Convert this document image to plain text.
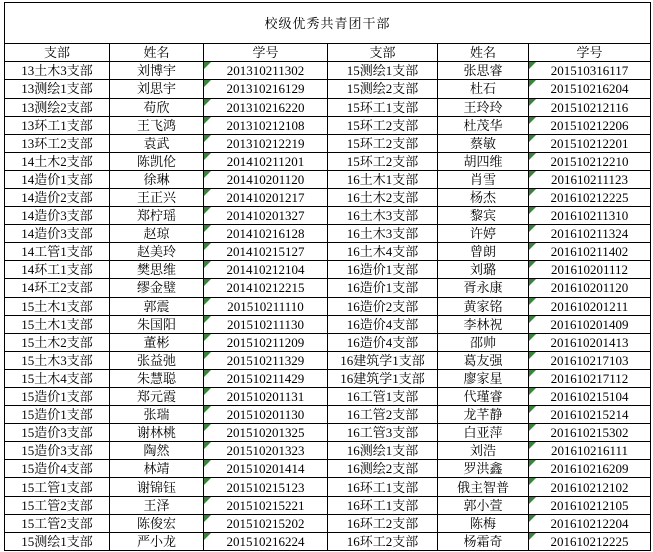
校级优秀共青团干部					
支部	姓名	学号	支部	姓名	学号
13土木3支部	刘博宇	201310211302	15测绘1支部	张思睿	201510316117
13测绘1支部	刘思宇	201310216129	15测绘2支部	杜石	201510216204
13测绘2支部	苟欣	201310216220	15环工1支部	王玲玲	201510212116
13环工1支部	王飞鸿	201310212108	15环工2支部	杜茂华	201510212206
13环工2支部	袁武	201310212219	15环工2支部	蔡敏	201510212201
14土木2支部	陈凯伦	201410211201	15环工2支部	胡四维	201510212210
14造价1支部	徐琳	201410201120	16土木1支部	肖雪	201610211123
14造价2支部	王正兴	201410201217	16土木2支部	杨杰	201610212225
14造价3支部	郑柠瑶	201410201327	16土木3支部	黎宾	201610211310
14造价3支部	赵琼	201410216128	16土木3支部	许婷	201610211324
14工管1支部	赵美玲	201410215127	16土木4支部	曾朗	201610211402
14环工1支部	樊思维	201410212104	16造价1支部	刘璐	201610201112
14环工2支部	缪金璧	201410212215	16造价1支部	胥永康	201610201120
15土木1支部	郭震	201510211110	16造价2支部	黄家铭	201610201211
15土木1支部	朱国阳	201510211130	16造价4支部	李林祝	201610201409
15土木2支部	董彬	201510211209	16造价4支部	邵帅	201610201413
15土木3支部	张益弛	201510211329	16建筑学1支部	葛友强	201610217103
15土木4支部	朱慧聪	201510211429	16建筑学1支部	廖家星	201610217112
15造价1支部	郑元霞	201510201131	16工管1支部	代瑾睿	201610215104
15造价1支部	张瑞	201510201130	16工管2支部	龙芊静	201610215214
15造价3支部	谢林桃	201510201325	16工管3支部	白亚萍	201610215302
15造价3支部	陶然	201510201323	16测绘1支部	刘浩	201610216111
15造价4支部	林靖	201510201414	16测绘2支部	罗洪鑫	201610216209
15工管1支部	谢锦钰	201510215123	16环工1支部	俄主智普	201610212102
15工管2支部	王泽	201510215221	16环工1支部	郭小萱	201610212105
15工管2支部	陈俊宏	201510215202	16环工2支部	陈梅	201610212204
15测绘1支部	严小龙	201510216224	16环工2支部	杨霜奇	201610212225
